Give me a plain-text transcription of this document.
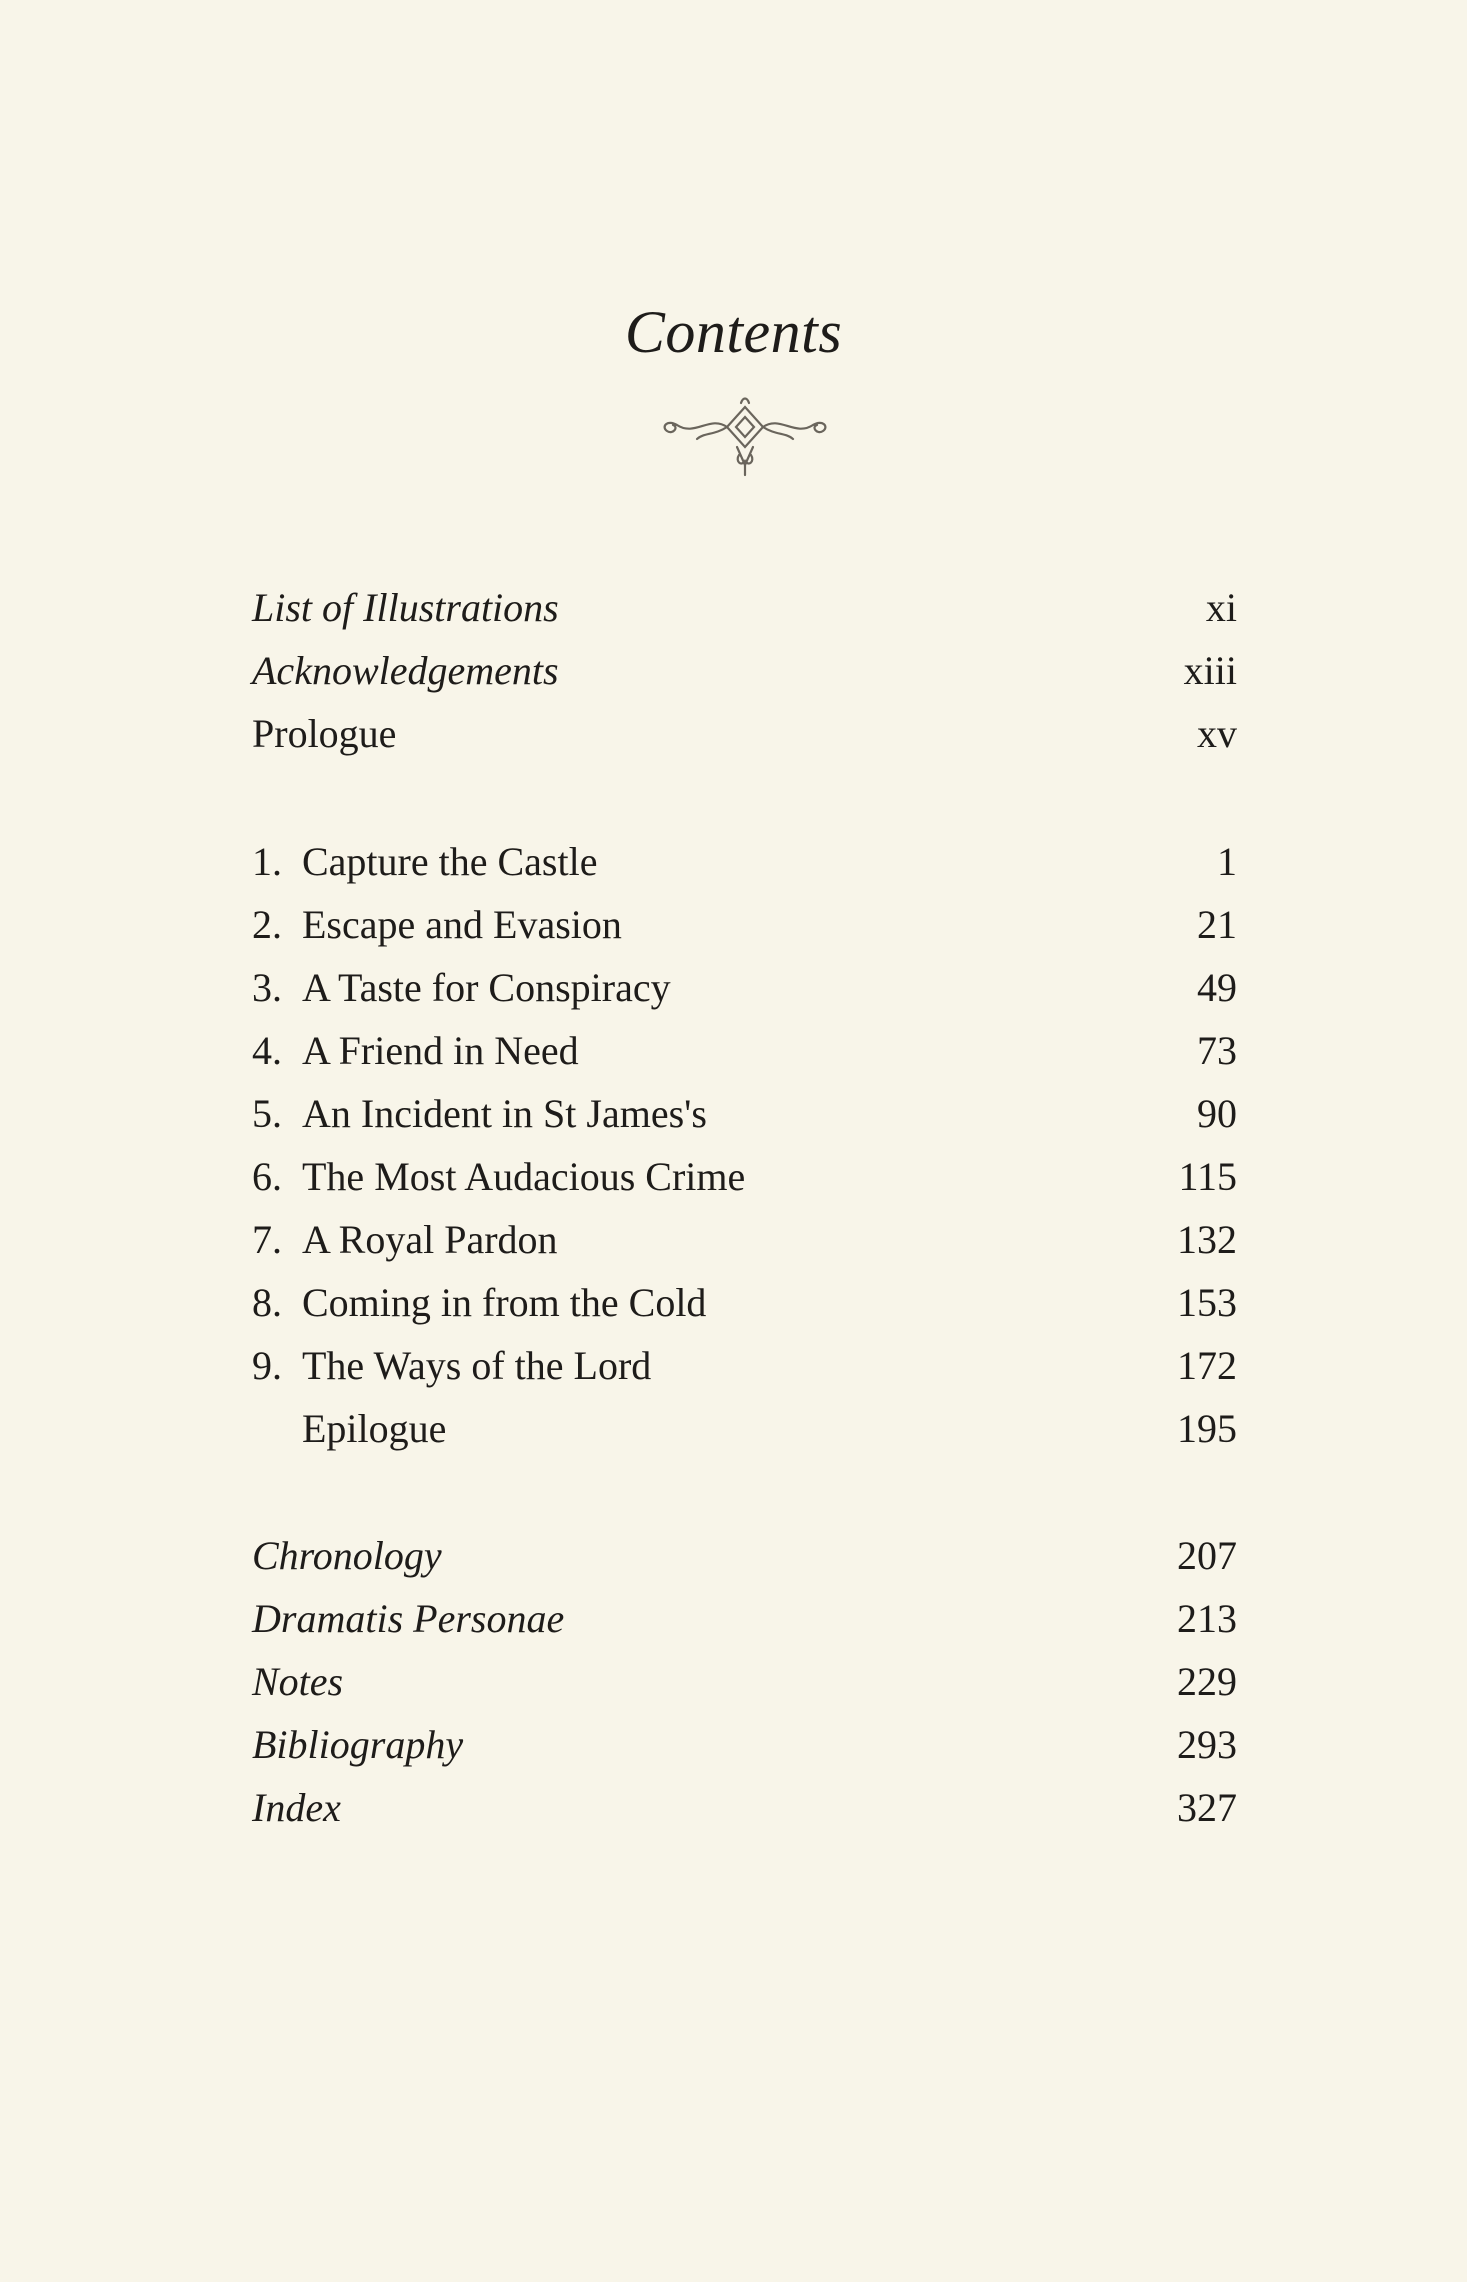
Contents
List of Illustrations	xi
Acknowledgements	xiii
Prologue	xv
1. Capture the Castle	1
2. Escape and Evasion	21
3. A Taste for Conspiracy	49
4. A Friend in Need	73
5. An Incident in St James's	90
6. The Most Audacious Crime	115
7. A Royal Pardon	132
8. Coming in from the Cold	153
9. The Ways of the Lord	172
Epilogue	195
Chronology	207
Dramatis Personae	213
Notes	229
Bibliography	293
Index	327
